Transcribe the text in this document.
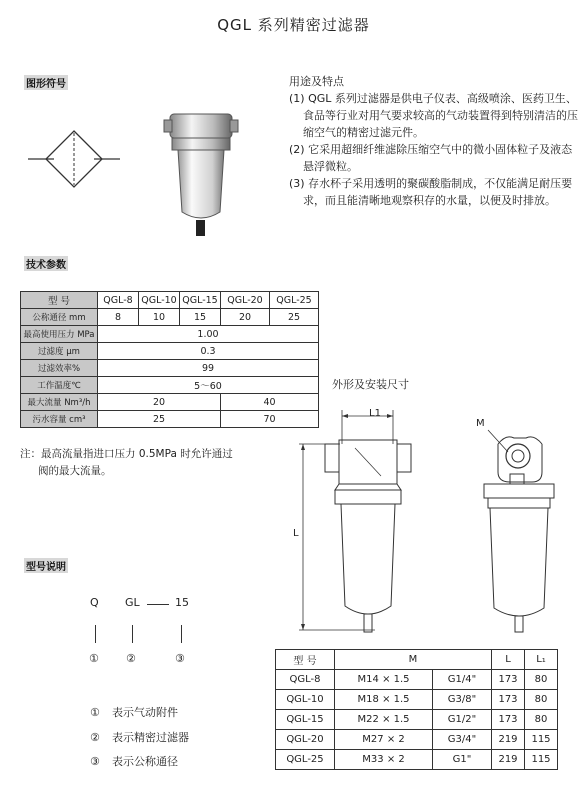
QGL 系列精密过滤器
图形符号	用途及特点

(1) QGL 系列过滤器是供电子仪表、高级喷涂、医药卫生、食品等行业对用气要求较高的气动装置得到特别清洁的压缩空气的精密过滤元件。

(2) 它采用超细纤维滤除压缩空气中的微小固体粒子及液态悬浮微粒。

(3) 存水杯子采用透明的聚碳酸脂制成，不仅能满足耐压要求，而且能清晰地观察积存的水量，以便及时排放。

技术参数
型 号	QGL-8	QGL-10	QGL-15	QGL-20	QGL-25
公称通径 mm	8	10	15	20	25
最高使用压力 MPa	1.00				
过滤度 μm	0.3				
过滤效率%	99				
工作温度℃	5～60				
最大流量 Nm³/h	20			40	
污水容量 cm³	25			70	
注：最高流量指进口压力 0.5MPa 时允许通过
阀的最大流量。
型号说明
Q GL	15
① ②	③
① 表示气动附件
② 表示精密过滤器
③ 表示公称通径
外形及安装尺寸
L1
L
M
型 号	M		L	L₁
QGL-8	M14 × 1.5	G1/4"	173	80
QGL-10	M18 × 1.5	G3/8"	173	80
QGL-15	M22 × 1.5	G1/2"	173	80
QGL-20	M27 × 2	G3/4"	219	115
QGL-25	M33 × 2	G1"	219	115
